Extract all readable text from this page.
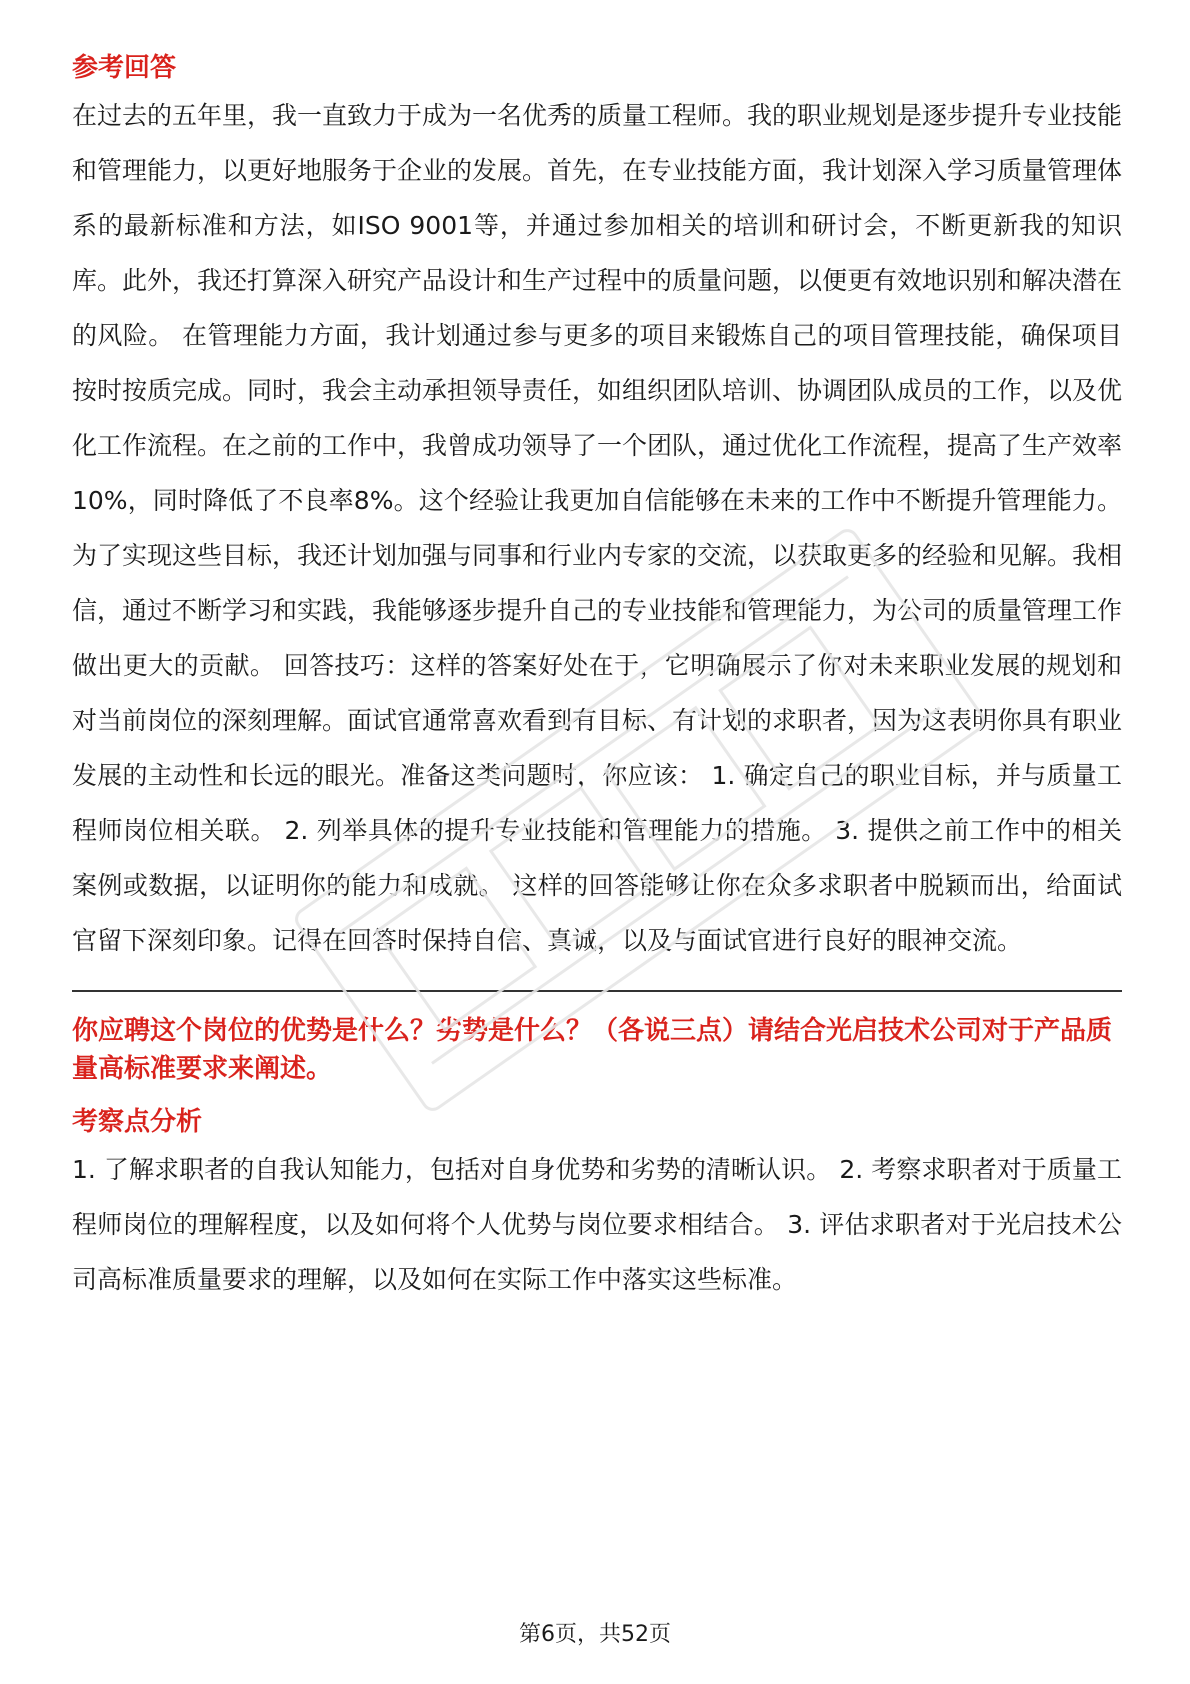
参考回答

在过去的五年里，我一直致力于成为一名优秀的质量工程师。我的职业规划是逐步提升专业技能和管理能力，以更好地服务于企业的发展。首先，在专业技能方面，我计划深入学习质量管理体系的最新标准和方法，如ISO 9001等，并通过参加相关的培训和研讨会，不断更新我的知识库。此外，我还打算深入研究产品设计和生产过程中的质量问题，以便更有效地识别和解决潜在的风险。 在管理能力方面，我计划通过参与更多的项目来锻炼自己的项目管理技能，确保项目按时按质完成。同时，我会主动承担领导责任，如组织团队培训、协调团队成员的工作，以及优化工作流程。在之前的工作中，我曾成功领导了一个团队，通过优化工作流程，提高了生产效率10%，同时降低了不良率8%。这个经验让我更加自信能够在未来的工作中不断提升管理能力。 为了实现这些目标，我还计划加强与同事和行业内专家的交流，以获取更多的经验和见解。我相信，通过不断学习和实践，我能够逐步提升自己的专业技能和管理能力，为公司的质量管理工作做出更大的贡献。 回答技巧：这样的答案好处在于，它明确展示了你对未来职业发展的规划和对当前岗位的深刻理解。面试官通常喜欢看到有目标、有计划的求职者，因为这表明你具有职业发展的主动性和长远的眼光。准备这类问题时，你应该： 1. 确定自己的职业目标，并与质量工程师岗位相关联。 2. 列举具体的提升专业技能和管理能力的措施。 3. 提供之前工作中的相关案例或数据，以证明你的能力和成就。 这样的回答能够让你在众多求职者中脱颖而出，给面试官留下深刻印象。记得在回答时保持自信、真诚，以及与面试官进行良好的眼神交流。

你应聘这个岗位的优势是什么？劣势是什么？（各说三点）请结合光启技术公司对于产品质量高标准要求来阐述。
考察点分析

1. 了解求职者的自我认知能力，包括对自身优势和劣势的清晰认识。 2. 考察求职者对于质量工程师岗位的理解程度，以及如何将个人优势与岗位要求相结合。 3. 评估求职者对于光启技术公司高标准质量要求的理解，以及如何在实际工作中落实这些标准。

第6页，共52页
